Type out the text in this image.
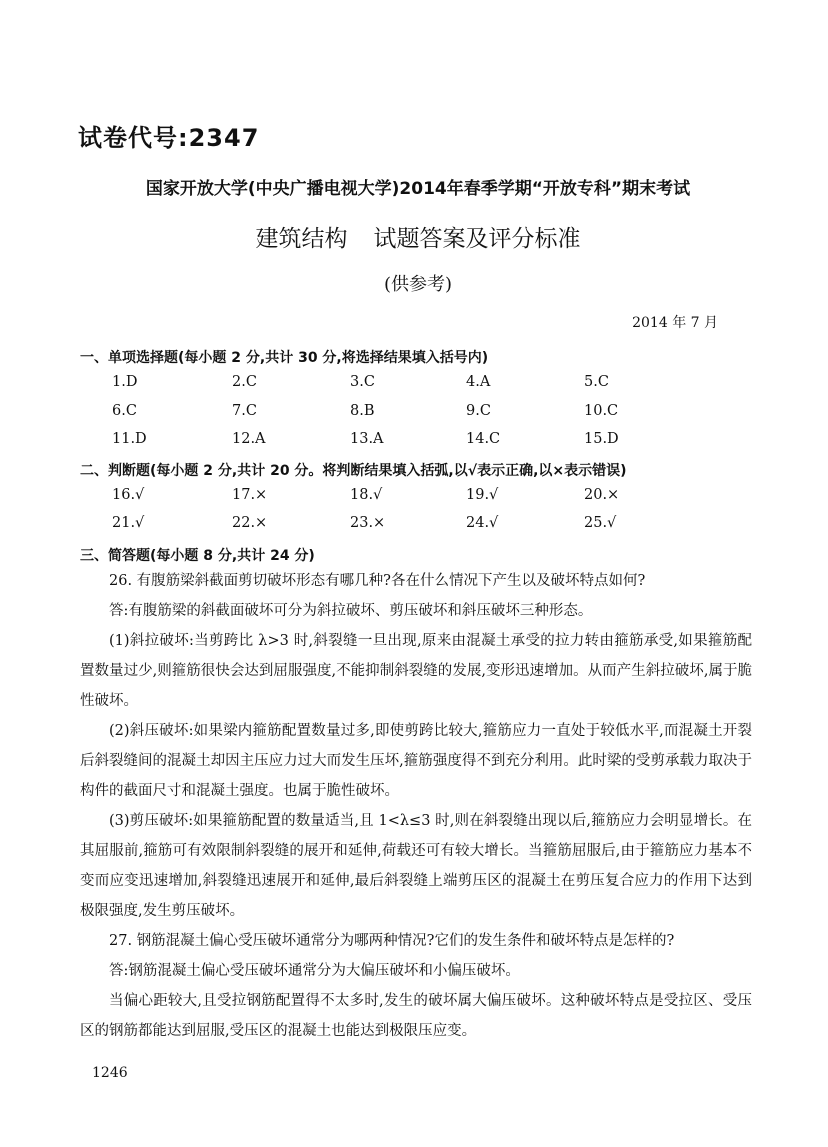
试卷代号:2347
国家开放大学(中央广播电视大学)2014年春季学期“开放专科”期末考试
建筑结构 试题答案及评分标准
(供参考)
2014 年 7 月
一、单项选择题(每小题 2 分,共计 30 分,将选择结果填入括号内)
1.D	2.C	3.C	4.A	5.C
6.C	7.C	8.B	9.C	10.C
11.D	12.A	13.A	14.C	15.D
二、判断题(每小题 2 分,共计 20 分。将判断结果填入括弧,以√表示正确,以×表示错误)
16.√	17.×	18.√	19.√	20.×
21.√	22.×	23.×	24.√	25.√
三、简答题(每小题 8 分,共计 24 分)
26. 有腹筋梁斜截面剪切破坏形态有哪几种?各在什么情况下产生以及破坏特点如何?
答:有腹筋梁的斜截面破坏可分为斜拉破坏、剪压破坏和斜压破坏三种形态。
(1)斜拉破坏:当剪跨比 λ>3 时,斜裂缝一旦出现,原来由混凝土承受的拉力转由箍筋承受,如果箍筋配置数量过少,则箍筋很快会达到屈服强度,不能抑制斜裂缝的发展,变形迅速增加。从而产生斜拉破坏,属于脆性破坏。
(2)斜压破坏:如果梁内箍筋配置数量过多,即使剪跨比较大,箍筋应力一直处于较低水平,而混凝土开裂后斜裂缝间的混凝土却因主压应力过大而发生压坏,箍筋强度得不到充分利用。此时梁的受剪承载力取决于构件的截面尺寸和混凝土强度。也属于脆性破坏。
(3)剪压破坏:如果箍筋配置的数量适当,且 1<λ≤3 时,则在斜裂缝出现以后,箍筋应力会明显增长。在其屈服前,箍筋可有效限制斜裂缝的展开和延伸,荷载还可有较大增长。当箍筋屈服后,由于箍筋应力基本不变而应变迅速增加,斜裂缝迅速展开和延伸,最后斜裂缝上端剪压区的混凝土在剪压复合应力的作用下达到极限强度,发生剪压破坏。
27. 钢筋混凝土偏心受压破坏通常分为哪两种情况?它们的发生条件和破坏特点是怎样的?
答:钢筋混凝土偏心受压破坏通常分为大偏压破坏和小偏压破坏。
当偏心距较大,且受拉钢筋配置得不太多时,发生的破坏属大偏压破坏。这种破坏特点是受拉区、受压区的钢筋都能达到屈服,受压区的混凝土也能达到极限压应变。
1246
